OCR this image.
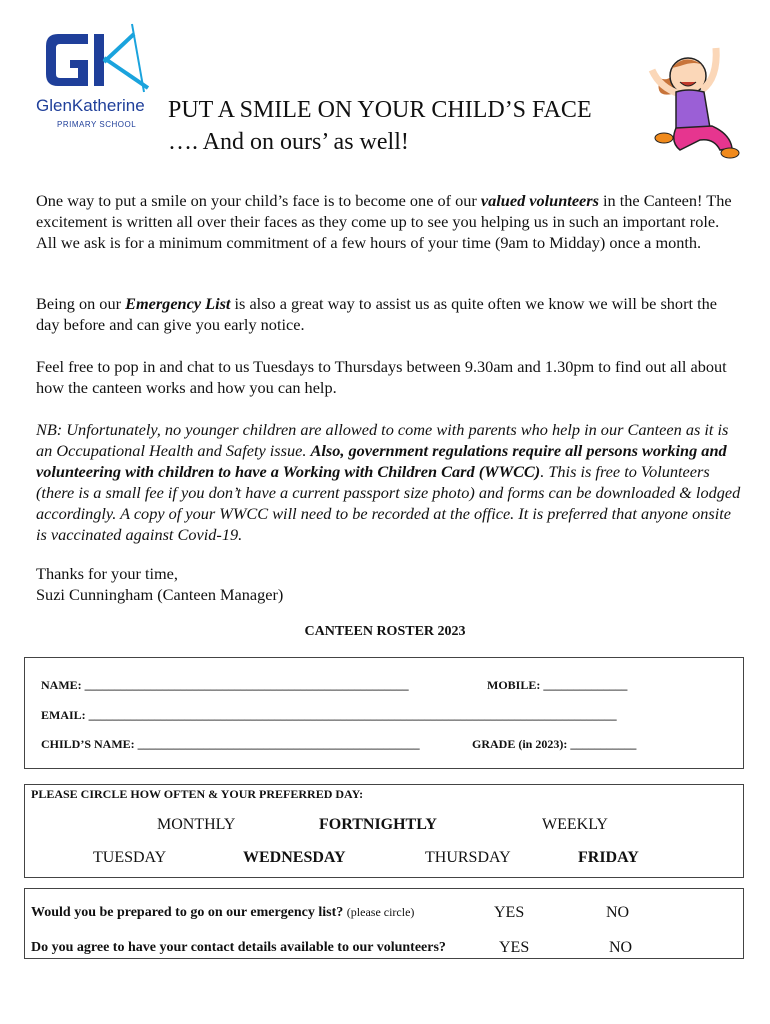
GlenKatherine
PRIMARY SCHOOL
PUT A SMILE ON YOUR CHILD’S FACE
…. And on ours’ as well!

One way to put a smile on your child’s face is to become one of our valued volunteers in the Canteen! The excitement is written all over their faces as they come up to see you helping us in such an important role. All we ask is for a minimum commitment of a few hours of your time (9am to Midday) once a month.

Being on our Emergency List is also a great way to assist us as quite often we know we will be short the day before and can give you early notice.

Feel free to pop in and chat to us Tuesdays to Thursdays between 9.30am and 1.30pm to find out all about how the canteen works and how you can help.

NB: Unfortunately, no younger children are allowed to come with parents who help in our Canteen as it is an Occupational Health and Safety issue. Also, government regulations require all persons working and volunteering with children to have a Working with Children Card (WWCC). This is free to Volunteers (there is a small fee if you don’t have a current passport size photo) and forms can be downloaded & lodged accordingly. A copy of your WWCC will need to be recorded at the office. It is preferred that anyone onsite is vaccinated against Covid-19.

Thanks for your time,
Suzi Cunningham (Canteen Manager)
CANTEEN ROSTER 2023
NAME: ______________________________________________________	MOBILE: ______________
EMAIL: ________________________________________________________________________________________
CHILD’S NAME: _______________________________________________	GRADE (in 2023): ___________
PLEASE CIRCLE HOW OFTEN & YOUR PREFERRED DAY:
MONTHLY	FORTNIGHTLY	WEEKLY
TUESDAY	WEDNESDAY	THURSDAY	FRIDAY
Would you be prepared to go on our emergency list? (please circle)	YES	NO
Do you agree to have your contact details available to our volunteers?	YES	NO
